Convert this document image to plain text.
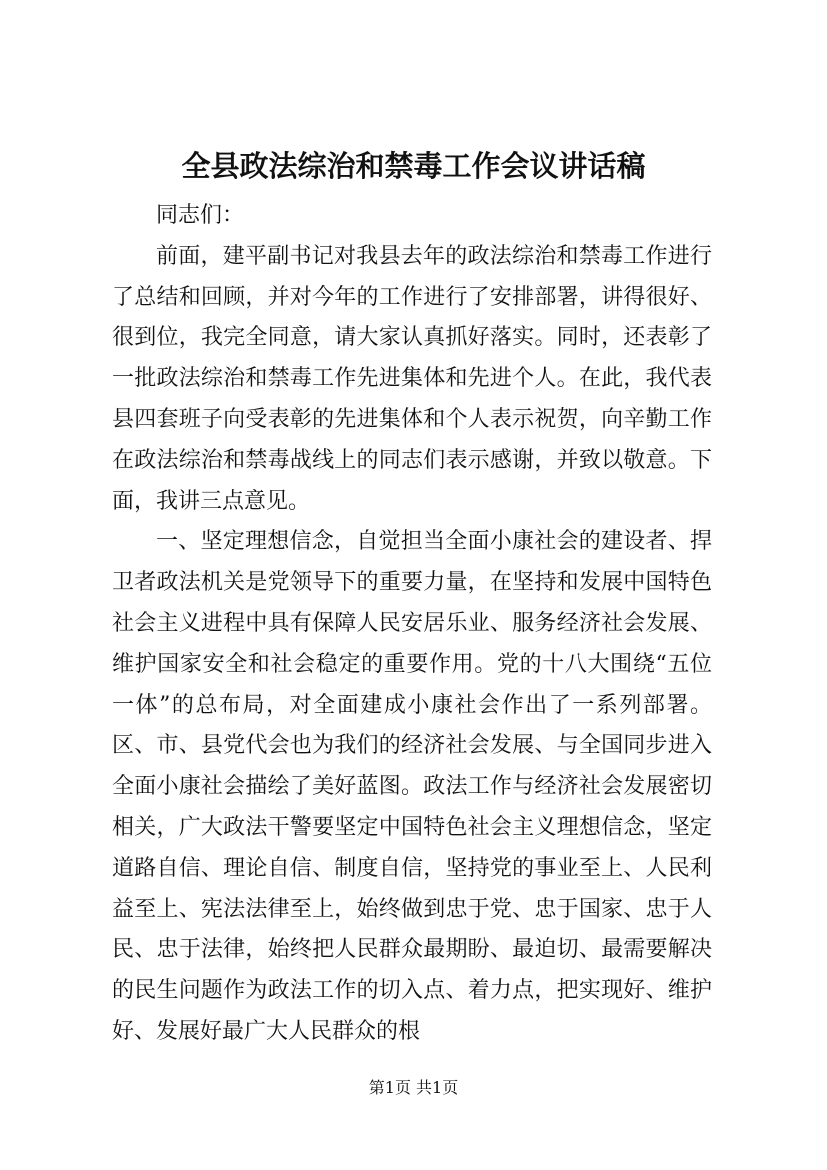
全县政法综治和禁毒工作会议讲话稿

同志们：

前面，建平副书记对我县去年的政法综治和禁毒工作进行了总结和回顾，并对今年的工作进行了安排部署，讲得很好、很到位，我完全同意，请大家认真抓好落实。同时，还表彰了一批政法综治和禁毒工作先进集体和先进个人。在此，我代表县四套班子向受表彰的先进集体和个人表示祝贺，向辛勤工作在政法综治和禁毒战线上的同志们表示感谢，并致以敬意。下面，我讲三点意见。

一、坚定理想信念，自觉担当全面小康社会的建设者、捍卫者政法机关是党领导下的重要力量，在坚持和发展中国特色社会主义进程中具有保障人民安居乐业、服务经济社会发展、维护国家安全和社会稳定的重要作用。党的十八大围绕“五位一体”的总布局，对全面建成小康社会作出了一系列部署。区、市、县党代会也为我们的经济社会发展、与全国同步进入全面小康社会描绘了美好蓝图。政法工作与经济社会发展密切相关，广大政法干警要坚定中国特色社会主义理想信念，坚定道路自信、理论自信、制度自信，坚持党的事业至上、人民利益至上、宪法法律至上，始终做到忠于党、忠于国家、忠于人民、忠于法律，始终把人民群众最期盼、最迫切、最需要解决的民生问题作为政法工作的切入点、着力点，把实现好、维护好、发展好最广大人民群众的根

第1页 共1页
